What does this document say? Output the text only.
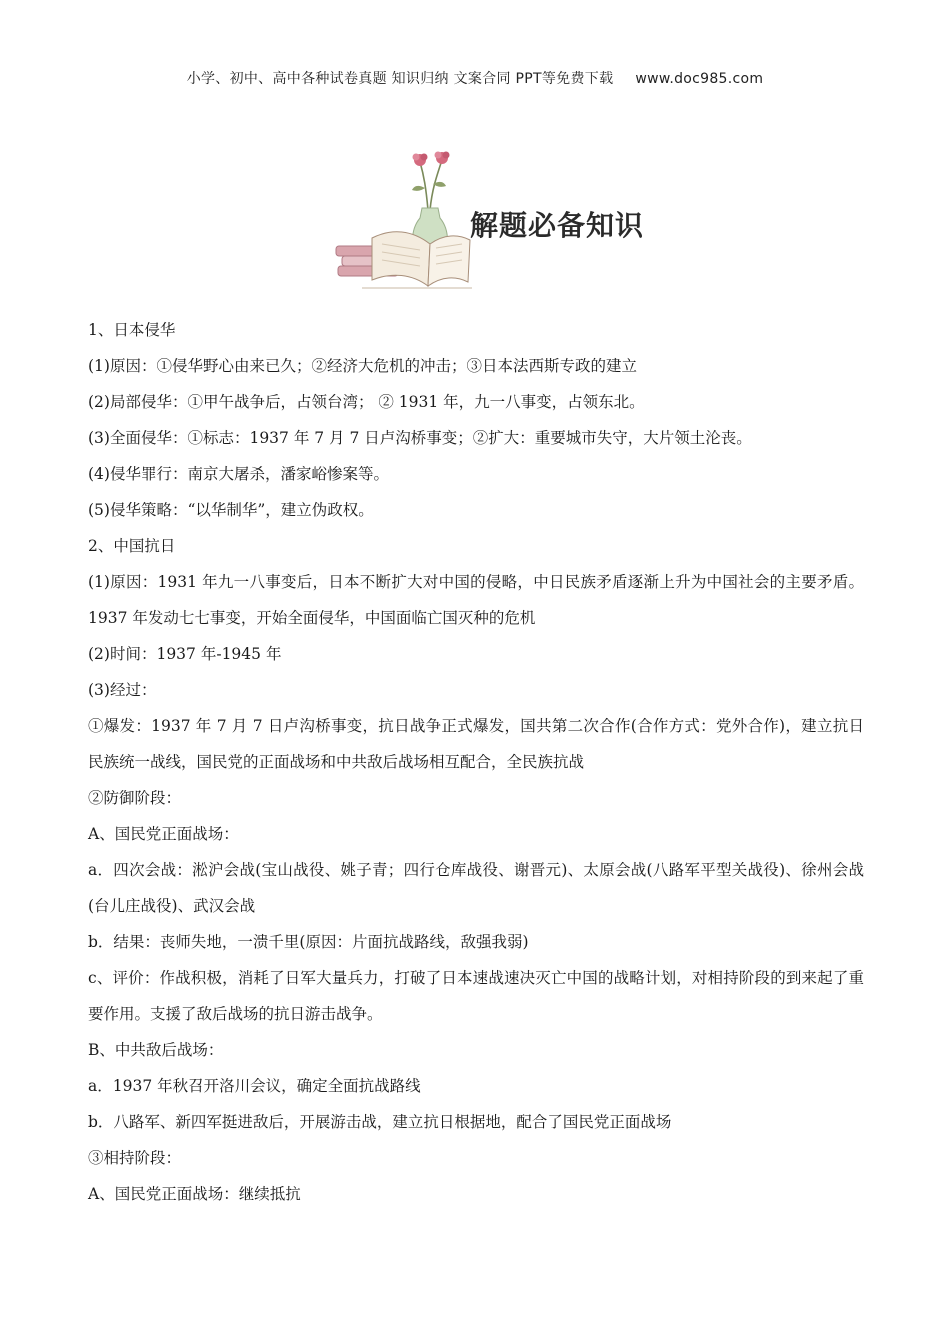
小学、初中、高中各种试卷真题 知识归纳 文案合同 PPT等免费下载 www.doc985.com
解题必备知识

1、日本侵华

(1)原因：①侵华野心由来已久；②经济大危机的冲击；③日本法西斯专政的建立

(2)局部侵华：①甲午战争后，占领台湾； ② 1931 年，九一八事变，占领东北。

(3)全面侵华：①标志：1937 年 7 月 7 日卢沟桥事变；②扩大：重要城市失守，大片领土沦丧。

(4)侵华罪行：南京大屠杀，潘家峪惨案等。

(5)侵华策略：“以华制华”，建立伪政权。

2、中国抗日

(1)原因：1931 年九一八事变后，日本不断扩大对中国的侵略，中日民族矛盾逐渐上升为中国社会的主要矛盾。1937 年发动七七事变，开始全面侵华，中国面临亡国灭种的危机

(2)时间：1937 年-1945 年

(3)经过：

①爆发：1937 年 7 月 7 日卢沟桥事变，抗日战争正式爆发，国共第二次合作(合作方式：党外合作)，建立抗日民族统一战线，国民党的正面战场和中共敌后战场相互配合，全民族抗战

②防御阶段：

A、国民党正面战场：

a．四次会战：淞沪会战(宝山战役、姚子青；四行仓库战役、谢晋元)、太原会战(八路军平型关战役)、徐州会战(台儿庄战役)、武汉会战

b．结果：丧师失地，一溃千里(原因：片面抗战路线，敌强我弱)

c、评价：作战积极，消耗了日军大量兵力，打破了日本速战速决灭亡中国的战略计划，对相持阶段的到来起了重要作用。支援了敌后战场的抗日游击战争。

B、中共敌后战场：

a．1937 年秋召开洛川会议，确定全面抗战路线

b．八路军、新四军挺进敌后，开展游击战，建立抗日根据地，配合了国民党正面战场

③相持阶段：

A、国民党正面战场：继续抵抗
